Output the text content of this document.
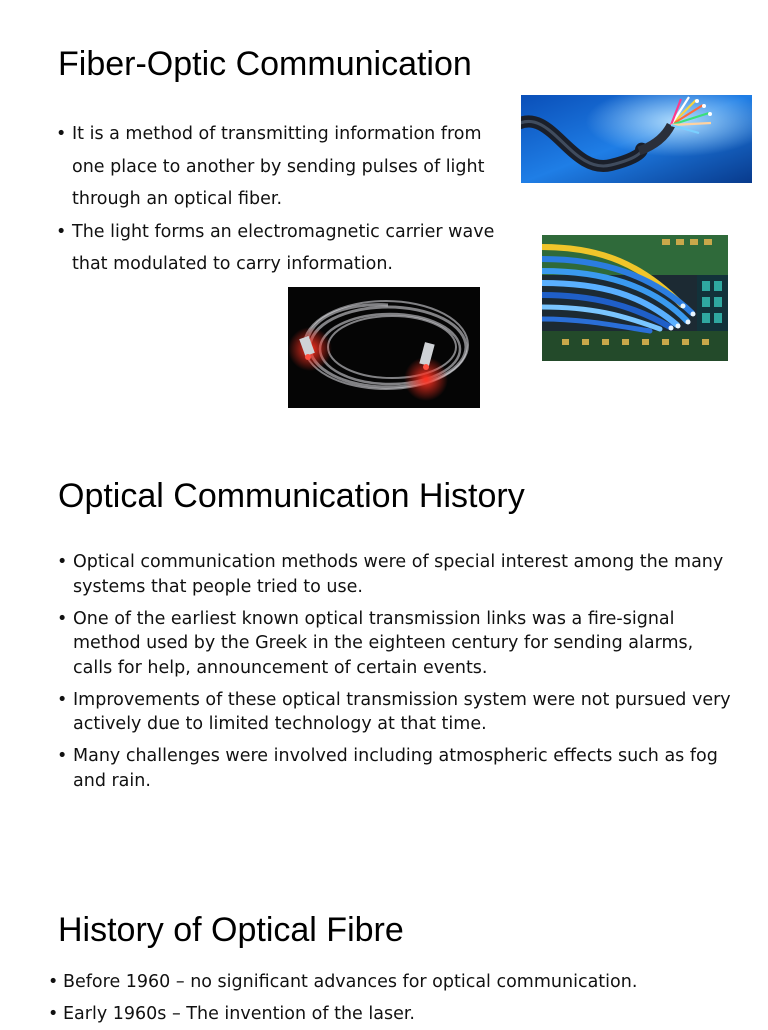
Fiber-Optic Communication
• It is a method of transmitting information from one place to another by sending pulses of light through an optical fiber.
• The light forms an electromagnetic carrier wave that modulated to carry information.
Optical Communication History
• Optical communication methods were of special interest among the many systems that people tried to use.
• One of the earliest known optical transmission links was a fire-signal method used by the Greek in the eighteen century for sending alarms, calls for help, announcement of certain events.
• Improvements of these optical transmission system were not pursued very actively due to limited technology at that time.
• Many challenges were involved including atmospheric effects such as fog and rain.
History of Optical Fibre
• Before 1960 – no significant advances for optical communication.
• Early 1960s – The invention of the laser.
